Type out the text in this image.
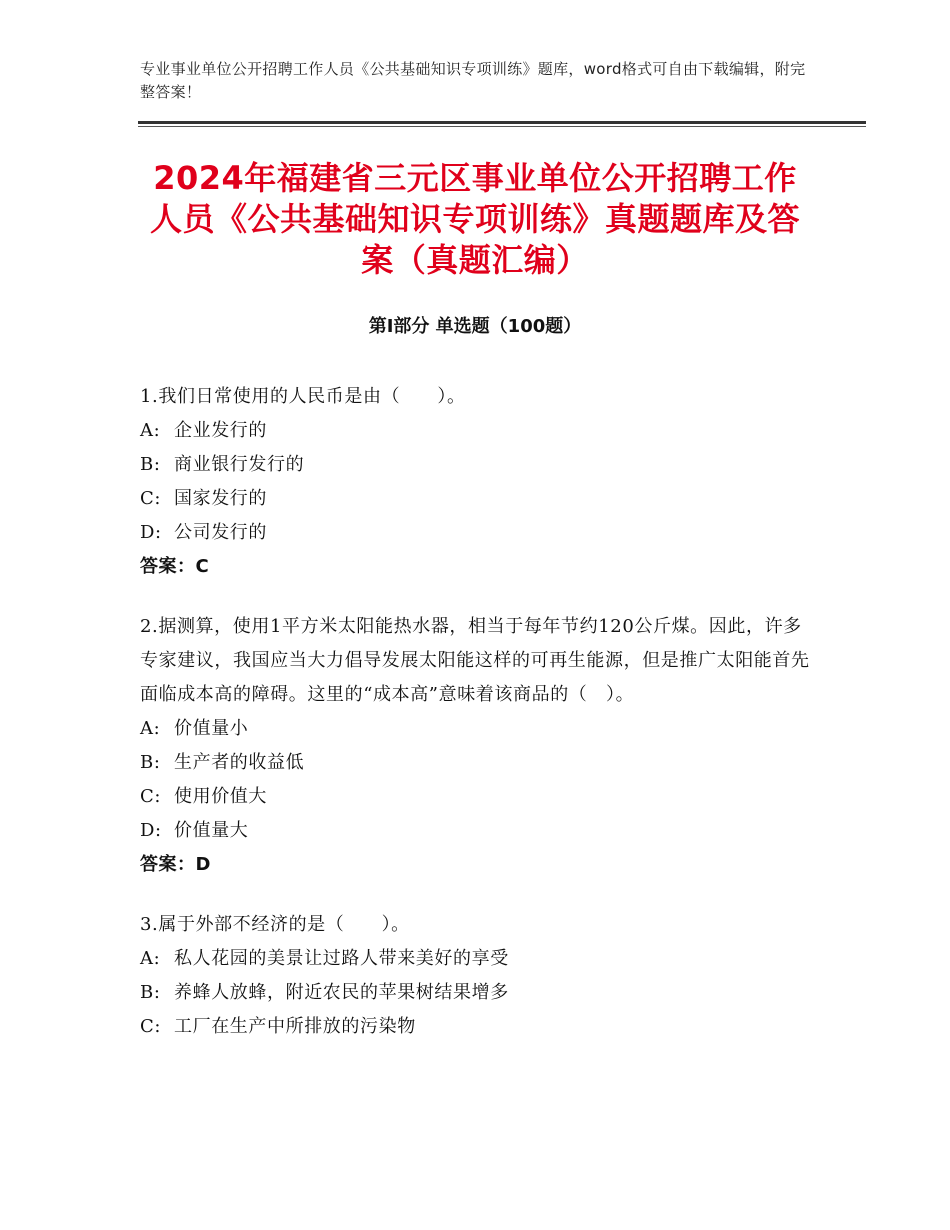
专业事业单位公开招聘工作人员《公共基础知识专项训练》题库，word格式可自由下载编辑，附完整答案！
2024年福建省三元区事业单位公开招聘工作人员《公共基础知识专项训练》真题题库及答案（真题汇编）
第Ⅰ部分 单选题（100题）
1.我们日常使用的人民币是由（　　）。
A: 企业发行的
B: 商业银行发行的
C: 国家发行的
D: 公司发行的
答案：C
2.据测算，使用1平方米太阳能热水器，相当于每年节约120公斤煤。因此，许多专家建议，我国应当大力倡导发展太阳能这样的可再生能源，但是推广太阳能首先面临成本高的障碍。这里的“成本高”意味着该商品的（　）。
A: 价值量小
B: 生产者的收益低
C: 使用价值大
D: 价值量大
答案：D
3.属于外部不经济的是（　　）。
A: 私人花园的美景让过路人带来美好的享受
B: 养蜂人放蜂，附近农民的苹果树结果增多
C: 工厂在生产中所排放的污染物
